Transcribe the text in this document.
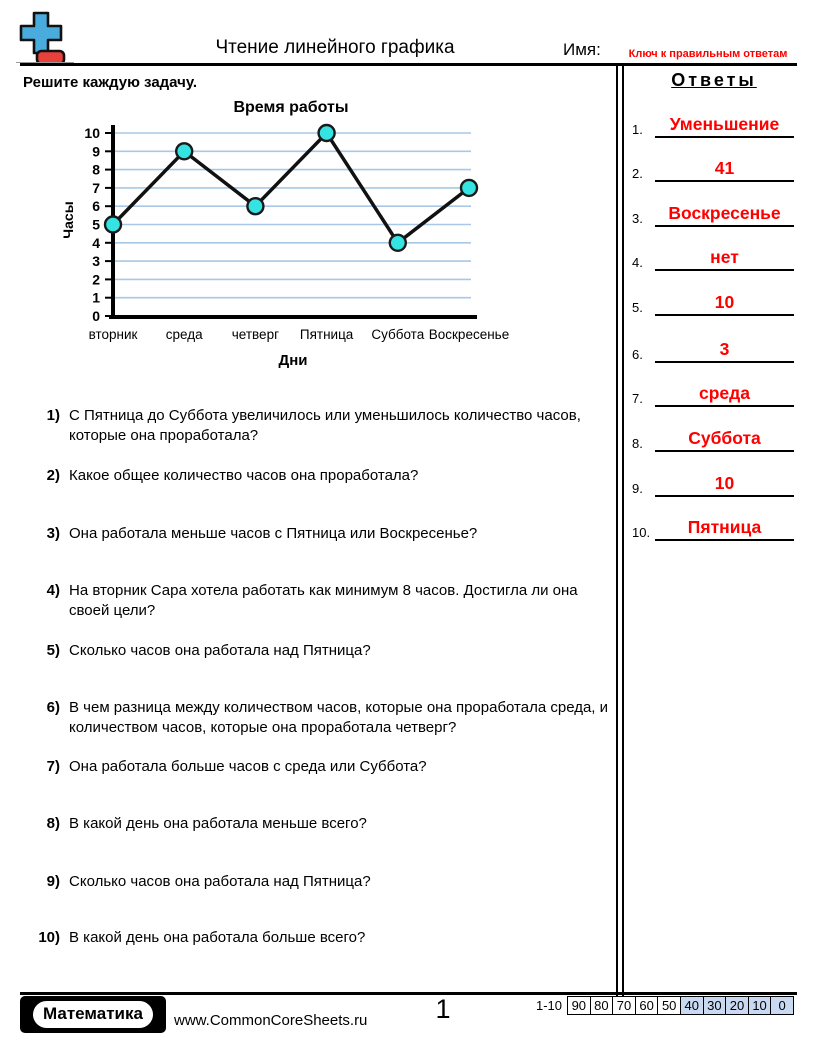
Чтение линейного графика	Имя:	Ключ к правильным ответам
Решите каждую задачу.
Время работы
Часы
0
1
2
3
4
5
6
7
8
9
10
вторник среда четверг Пятница Суббота Воскресенье
Дни
1) С Пятница до Суббота увеличилось или уменьшилось количество часов, которые она проработала?
2) Какое общее количество часов она проработала?
3) Она работала меньше часов с Пятница или Воскресенье?
4) На вторник Сара хотела работать как минимум 8 часов. Достигла ли она своей цели?
5) Сколько часов она работала над Пятница?
6) В чем разница между количеством часов, которые она проработала среда, и количеством часов, которые она проработала четверг?
7) Она работала больше часов с среда или Суббота?
8) В какой день она работала меньше всего?
9) Сколько часов она работала над Пятница?
10) В какой день она работала больше всего?
Ответы
1.	Уменьшение
2.	41
3.	Воскресенье
4.	нет
5.	10
6.	3
7.	среда
8.	Суббота
9.	10
10.	Пятница
Математика	www.CommonCoreSheets.ru	1	1-10 90 80 70 60 50 40 30 20 10 0
